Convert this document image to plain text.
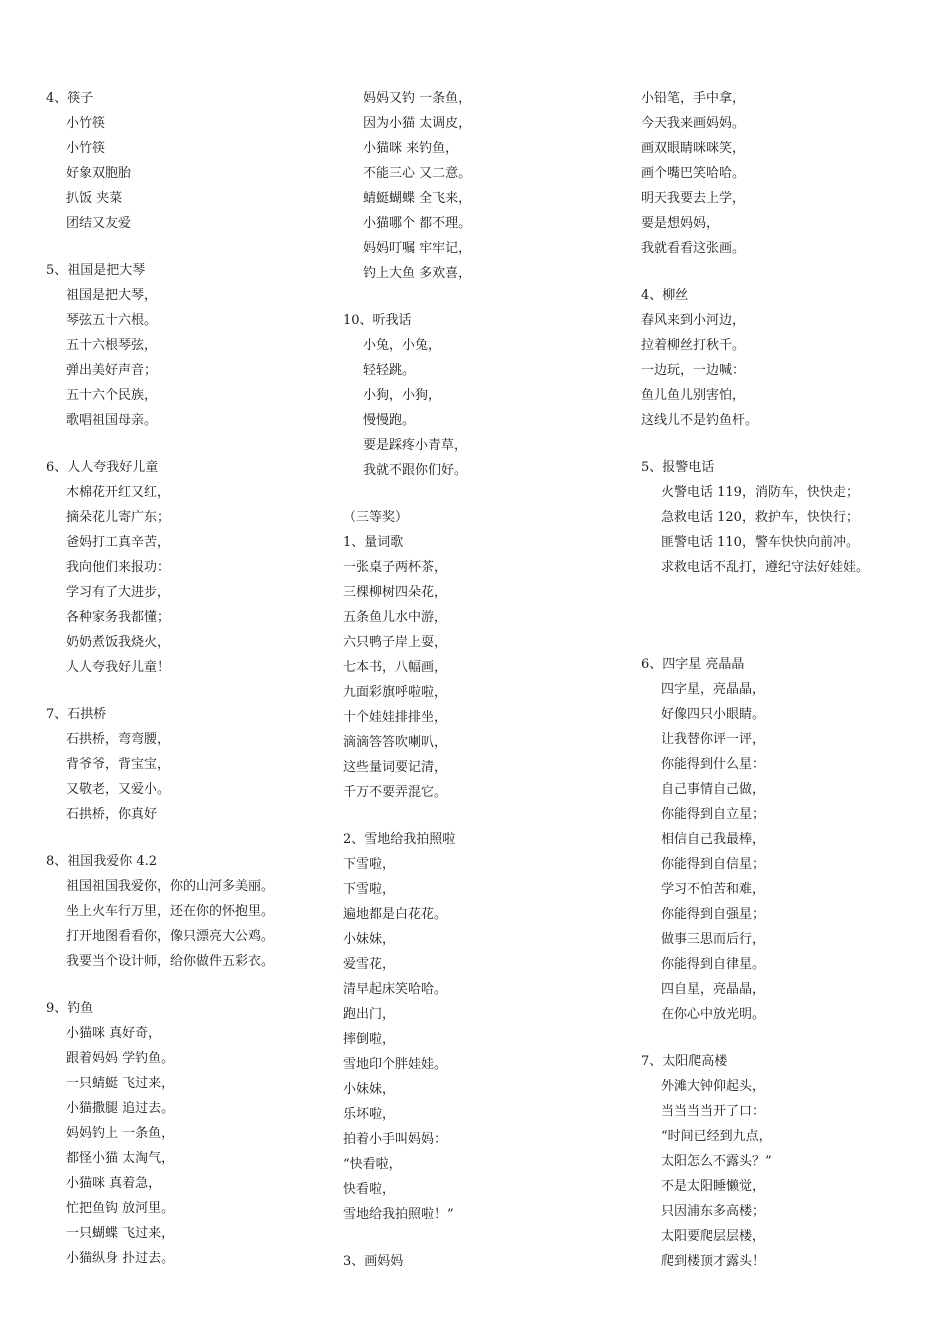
4、筷子
小竹筷
小竹筷
好象双胞胎
扒饭 夹菜
团结又友爱
5、祖国是把大琴
祖国是把大琴，
琴弦五十六根。
五十六根琴弦，
弹出美好声音；
五十六个民族，
歌唱祖国母亲。
6、人人夸我好儿童
木棉花开红又红，
摘朵花儿寄广东；
爸妈打工真辛苦，
我向他们来报功：
学习有了大进步，
各种家务我都懂；
奶奶煮饭我烧火，
人人夸我好儿童！
7、石拱桥
石拱桥，弯弯腰，
背爷爷，背宝宝，
又敬老，又爱小。
石拱桥，你真好
8、祖国我爱你 4.2
祖国祖国我爱你，你的山河多美丽。
坐上火车行万里，还在你的怀抱里。
打开地图看看你，像只漂亮大公鸡。
我要当个设计师，给你做件五彩衣。
9、钓鱼
小猫咪 真好奇，
跟着妈妈 学钓鱼。
一只蜻蜓 飞过来，
小猫撒腿 追过去。
妈妈钓上 一条鱼，
都怪小猫 太淘气，
小猫咪 真着急，
忙把鱼钩 放河里。
一只蝴蝶 飞过来，
小猫纵身 扑过去。
妈妈又钓 一条鱼，
因为小猫 太调皮，
小猫咪 来钓鱼，
不能三心 又二意。
蜻蜓蝴蝶 全飞来，
小猫哪个 都不理。
妈妈叮嘱 牢牢记，
钓上大鱼 多欢喜，
10、听我话
小兔，小兔，
轻轻跳。
小狗，小狗，
慢慢跑。
要是踩疼小青草，
我就不跟你们好。
（三等奖）
1、量词歌
一张桌子两杯茶，
三棵柳树四朵花，
五条鱼儿水中游，
六只鸭子岸上耍，
七本书，八幅画，
九面彩旗呼啦啦，
十个娃娃排排坐，
滴滴答答吹喇叭，
这些量词要记清，
千万不要弄混它。
2、雪地给我拍照啦
下雪啦，
下雪啦，
遍地都是白花花。
小妹妹，
爱雪花，
清早起床笑哈哈。
跑出门，
摔倒啦，
雪地印个胖娃娃。
小妹妹，
乐坏啦，
拍着小手叫妈妈：
“快看啦，
快看啦，
雪地给我拍照啦！”
3、画妈妈
小铅笔，手中拿，
今天我来画妈妈。
画双眼睛咪咪笑，
画个嘴巴笑哈哈。
明天我要去上学，
要是想妈妈，
我就看看这张画。
4、柳丝
春风来到小河边，
拉着柳丝打秋千。
一边玩，一边喊：
鱼儿鱼儿别害怕，
这线儿不是钓鱼杆。
5、报警电话
火警电话 119，消防车，快快走；
急救电话 120，救护车，快快行；
匪警电话 110，警车快快向前冲。
求救电话不乱打，遵纪守法好娃娃。
6、四字星 亮晶晶
四字星，亮晶晶，
好像四只小眼睛。
让我替你评一评，
你能得到什么星：
自己事情自己做，
你能得到自立星；
相信自己我最棒，
你能得到自信星；
学习不怕苦和难，
你能得到自强星；
做事三思而后行，
你能得到自律星。
四自星，亮晶晶，
在你心中放光明。
7、太阳爬高楼
外滩大钟仰起头，
当当当当开了口：
“时间已经到九点，
太阳怎么不露头？”
不是太阳睡懒觉，
只因浦东多高楼；
太阳要爬层层楼，
爬到楼顶才露头！
